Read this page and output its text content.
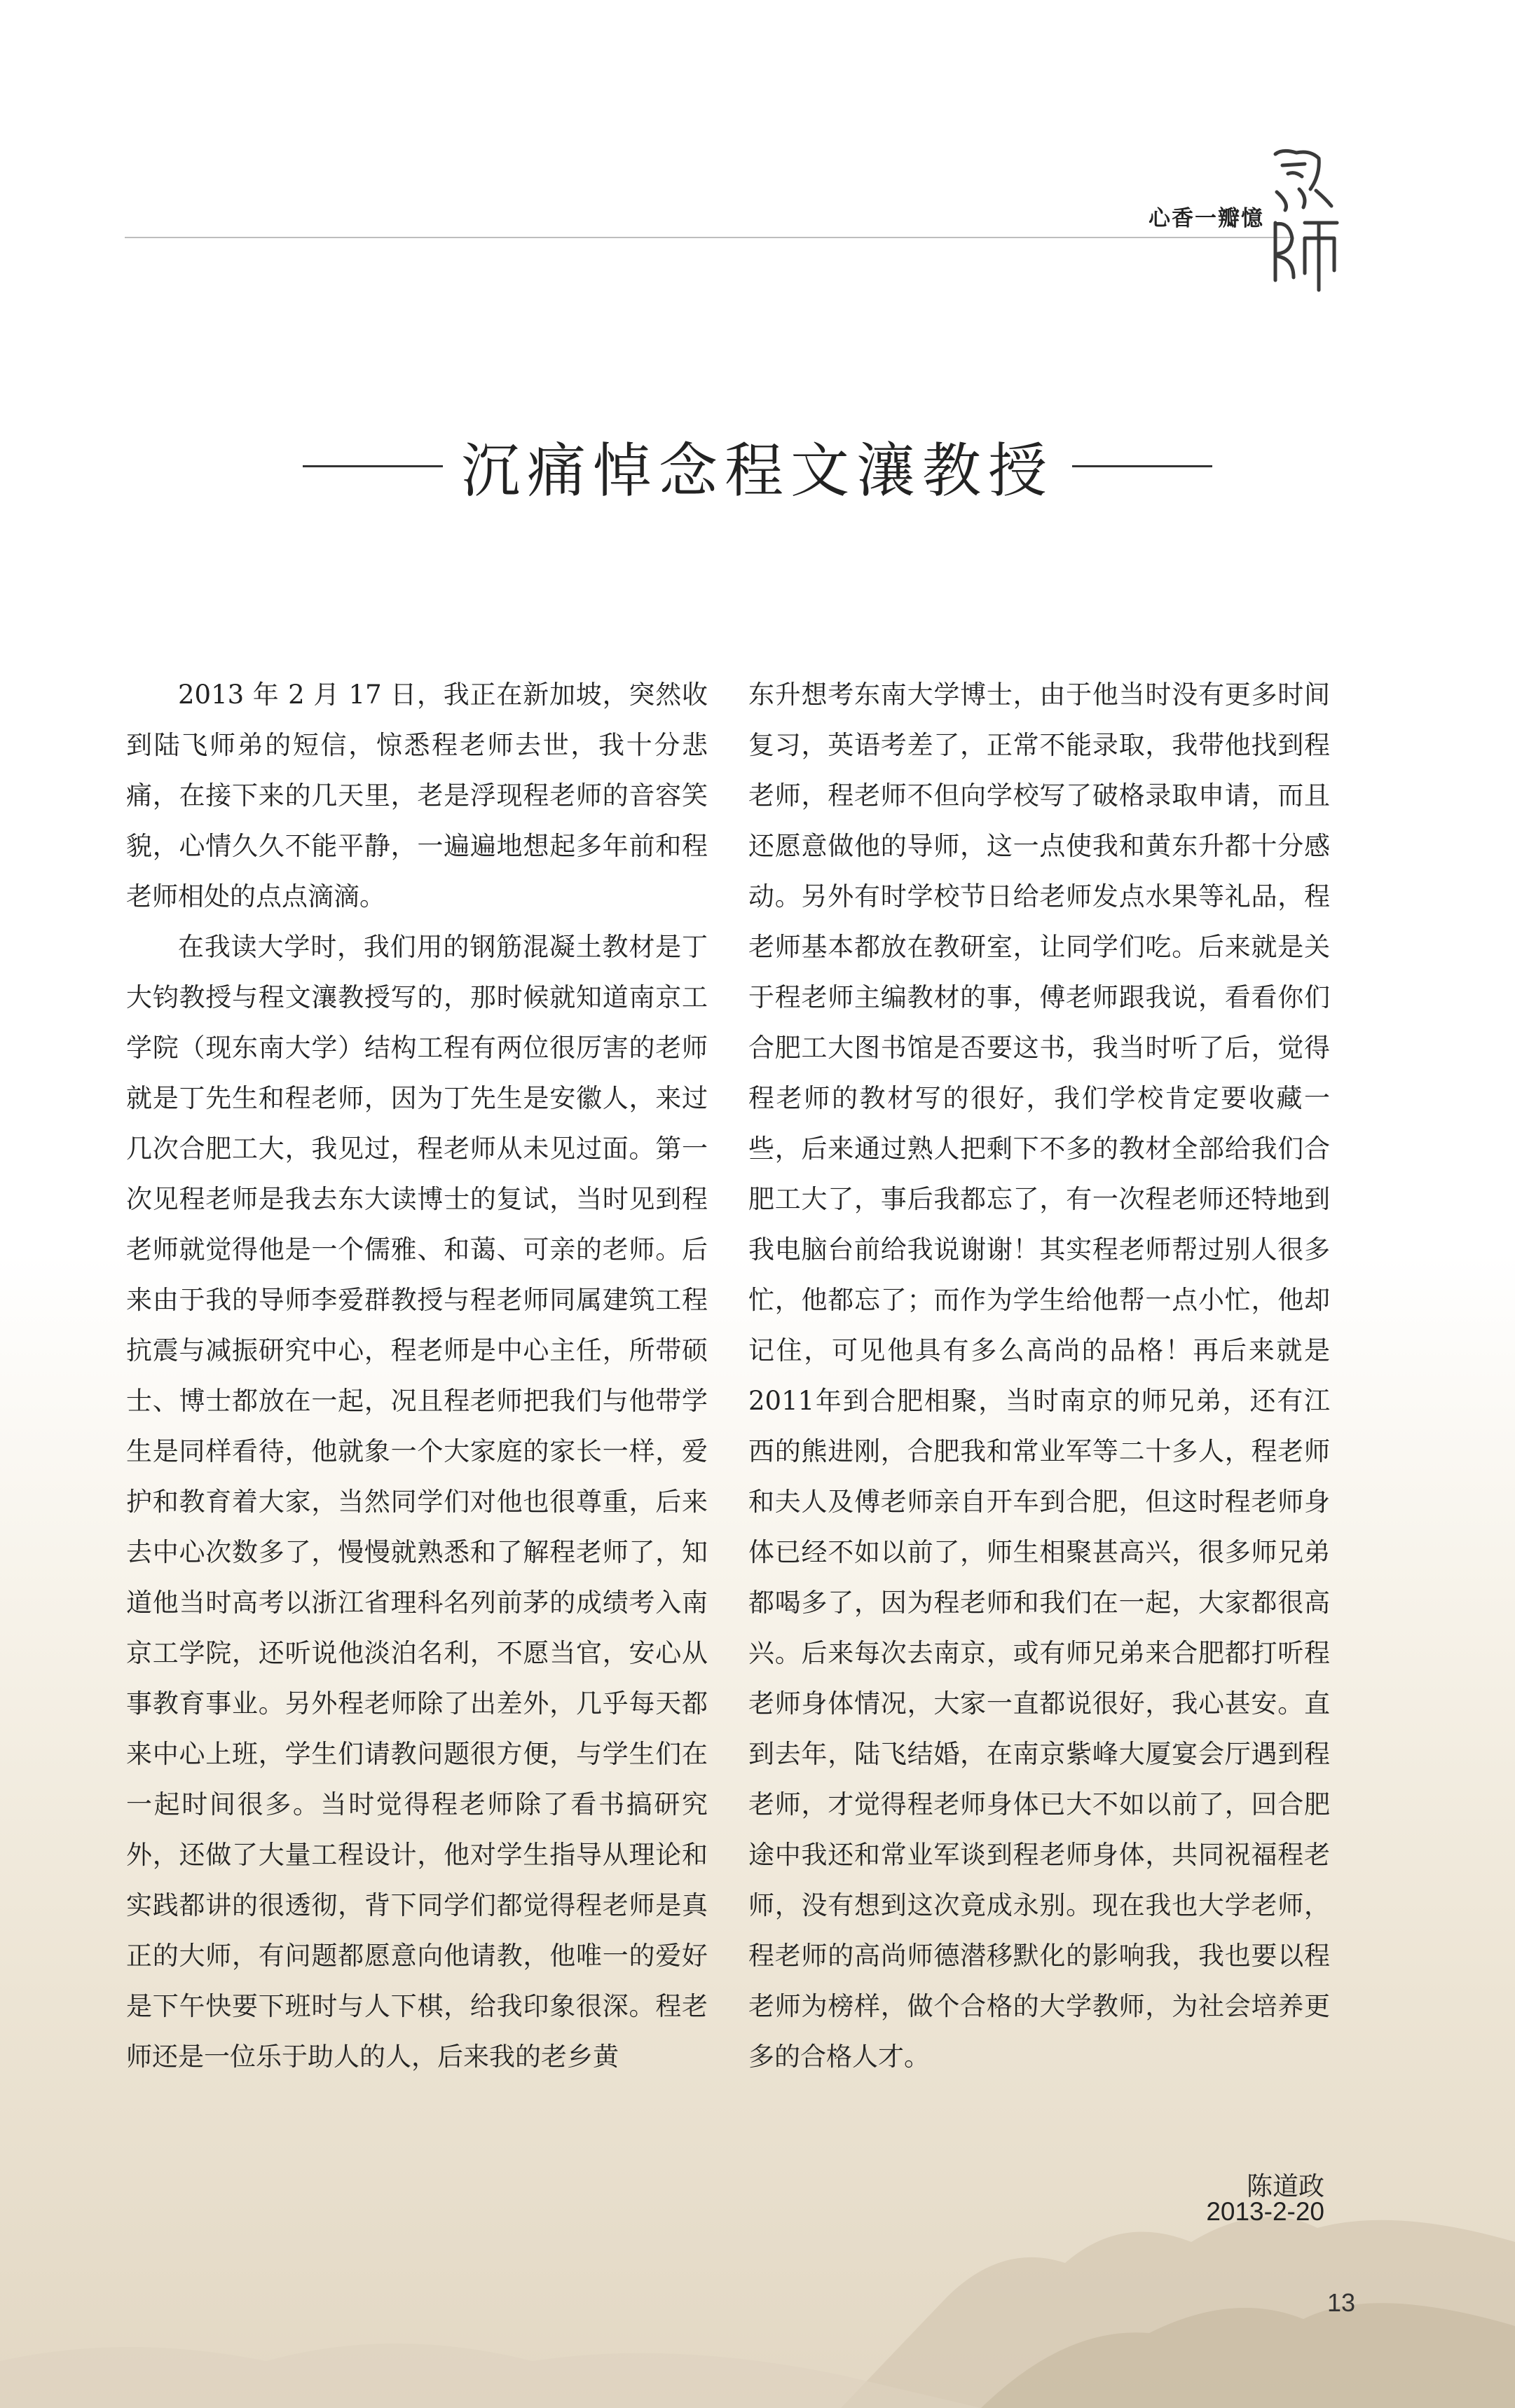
心香一瓣憶
沉痛悼念程文瀼教授

2013 年 2 月 17 日，我正在新加坡，突然收到陆飞师弟的短信，惊悉程老师去世，我十分悲痛，在接下来的几天里，老是浮现程老师的音容笑貌，心情久久不能平静，一遍遍地想起多年前和程老师相处的点点滴滴。

在我读大学时，我们用的钢筋混凝土教材是丁大钧教授与程文瀼教授写的，那时候就知道南京工学院（现东南大学）结构工程有两位很厉害的老师就是丁先生和程老师，因为丁先生是安徽人，来过几次合肥工大，我见过，程老师从未见过面。第一次见程老师是我去东大读博士的复试，当时见到程老师就觉得他是一个儒雅、和蔼、可亲的老师。后来由于我的导师李爱群教授与程老师同属建筑工程抗震与减振研究中心，程老师是中心主任，所带硕士、博士都放在一起，况且程老师把我们与他带学生是同样看待，他就象一个大家庭的家长一样，爱护和教育着大家，当然同学们对他也很尊重，后来去中心次数多了，慢慢就熟悉和了解程老师了，知道他当时高考以浙江省理科名列前茅的成绩考入南京工学院，还听说他淡泊名利，不愿当官，安心从事教育事业。另外程老师除了出差外，几乎每天都来中心上班，学生们请教问题很方便，与学生们在一起时间很多。当时觉得程老师除了看书搞研究外，还做了大量工程设计，他对学生指导从理论和实践都讲的很透彻，背下同学们都觉得程老师是真正的大师，有问题都愿意向他请教，他唯一的爱好是下午快要下班时与人下棋，给我印象很深。程老师还是一位乐于助人的人，后来我的老乡黄

东升想考东南大学博士，由于他当时没有更多时间复习，英语考差了，正常不能录取，我带他找到程老师，程老师不但向学校写了破格录取申请，而且还愿意做他的导师，这一点使我和黄东升都十分感动。另外有时学校节日给老师发点水果等礼品，程老师基本都放在教研室，让同学们吃。后来就是关于程老师主编教材的事，傅老师跟我说，看看你们合肥工大图书馆是否要这书，我当时听了后，觉得程老师的教材写的很好，我们学校肯定要收藏一些，后来通过熟人把剩下不多的教材全部给我们合肥工大了，事后我都忘了，有一次程老师还特地到我电脑台前给我说谢谢！其实程老师帮过别人很多忙，他都忘了；而作为学生给他帮一点小忙，他却记住，可见他具有多么高尚的品格！再后来就是2011年到合肥相聚，当时南京的师兄弟，还有江西的熊进刚，合肥我和常业军等二十多人，程老师和夫人及傅老师亲自开车到合肥，但这时程老师身体已经不如以前了，师生相聚甚高兴，很多师兄弟都喝多了，因为程老师和我们在一起，大家都很高兴。后来每次去南京，或有师兄弟来合肥都打听程老师身体情况，大家一直都说很好，我心甚安。直到去年，陆飞结婚，在南京紫峰大厦宴会厅遇到程老师，才觉得程老师身体已大不如以前了，回合肥途中我还和常业军谈到程老师身体，共同祝福程老师，没有想到这次竟成永别。现在我也大学老师，程老师的高尚师德潜移默化的影响我，我也要以程老师为榜样，做个合格的大学教师，为社会培养更多的合格人才。

陈道政
2013-2-20
13
